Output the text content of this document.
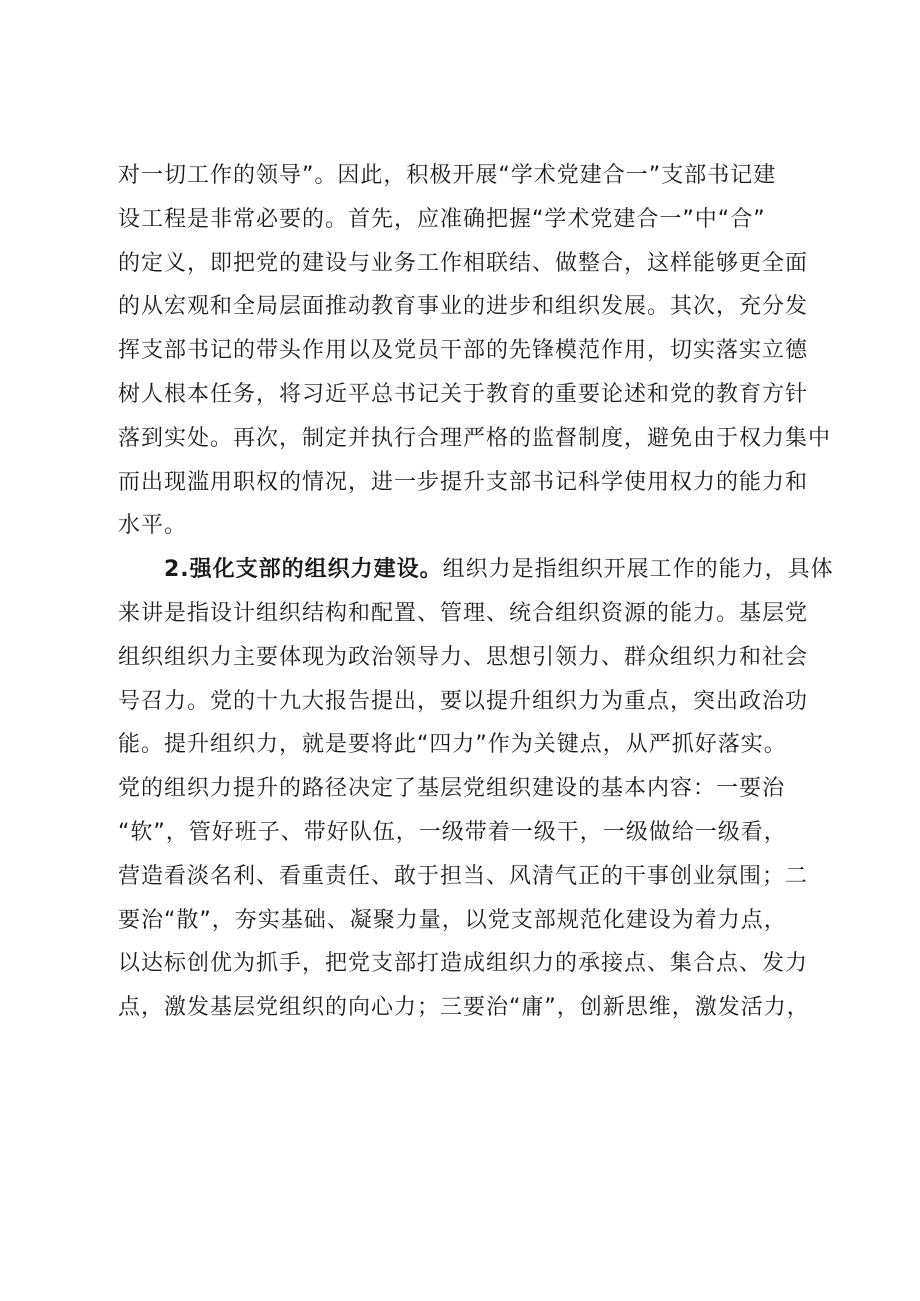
对一切工作的领导”。因此，积极开展“学术党建合一”支部书记建
设工程是非常必要的。首先，应准确把握“学术党建合一”中“合”
的定义，即把党的建设与业务工作相联结、做整合，这样能够更全面
的从宏观和全局层面推动教育事业的进步和组织发展。其次，充分发
挥支部书记的带头作用以及党员干部的先锋模范作用，切实落实立德
树人根本任务，将习近平总书记关于教育的重要论述和党的教育方针
落到实处。再次，制定并执行合理严格的监督制度，避免由于权力集中
而出现滥用职权的情况，进一步提升支部书记科学使用权力的能力和
水平。
2.强化支部的组织力建设。组织力是指组织开展工作的能力，具体
来讲是指设计组织结构和配置、管理、统合组织资源的能力。基层党
组织组织力主要体现为政治领导力、思想引领力、群众组织力和社会
号召力。党的十九大报告提出，要以提升组织力为重点，突出政治功
能。提升组织力，就是要将此“四力”作为关键点，从严抓好落实。
党的组织力提升的路径决定了基层党组织建设的基本内容：一要治
“软”，管好班子、带好队伍，一级带着一级干，一级做给一级看，
营造看淡名利、看重责任、敢于担当、风清气正的干事创业氛围；二
要治“散”，夯实基础、凝聚力量，以党支部规范化建设为着力点，
以达标创优为抓手，把党支部打造成组织力的承接点、集合点、发力
点，激发基层党组织的向心力；三要治“庸”，创新思维，激发活力，
